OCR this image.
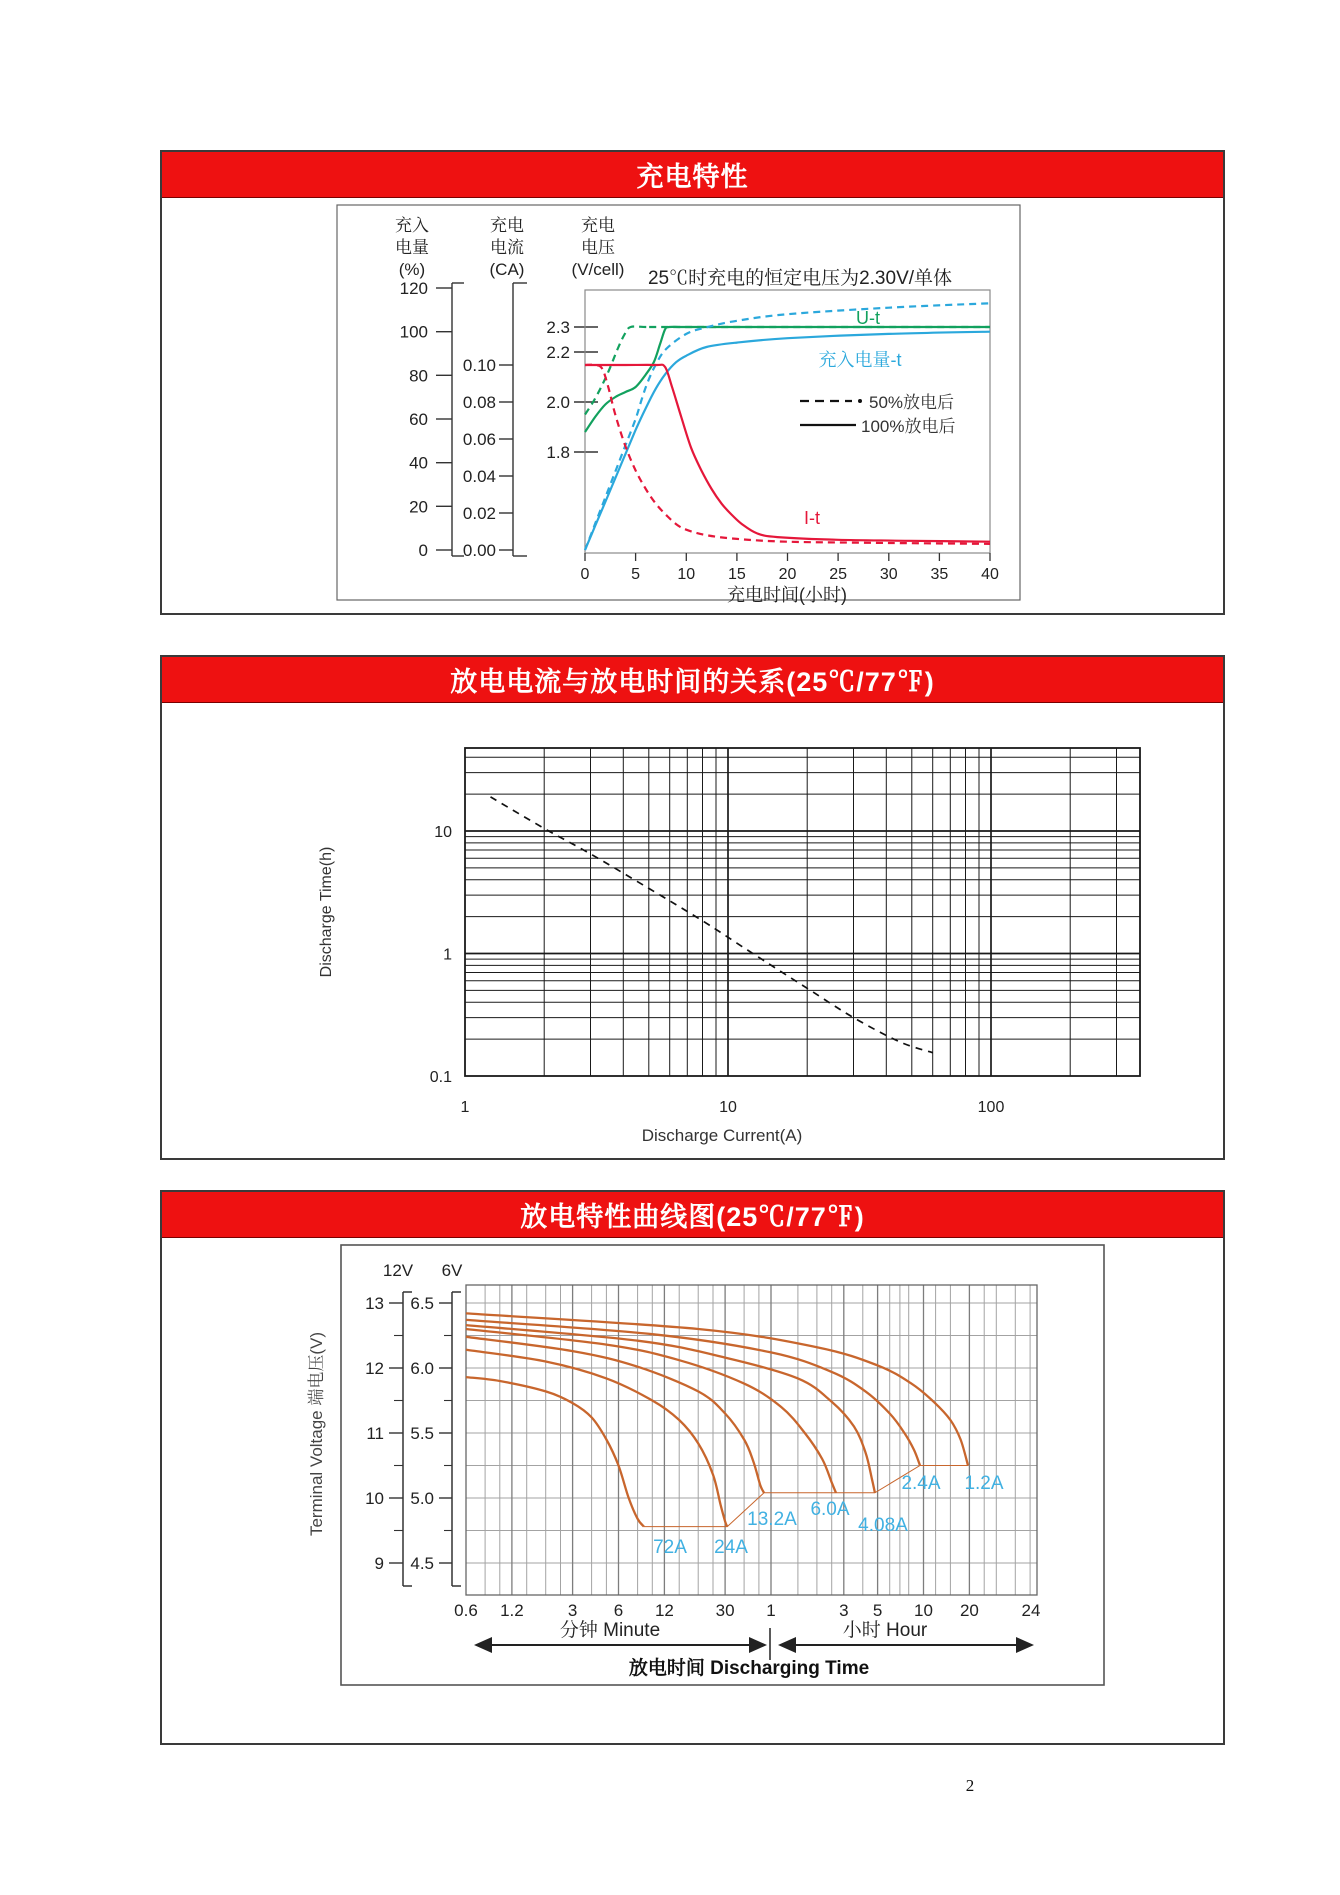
充电特性
放电电流与放电时间的关系(25℃/77℉)
放电特性曲线图(25℃/77℉)
120
100
80
60
40
20
0
0.10
0.08
0.06
0.04
0.02
0.00
2.3
2.2
2.0
1.8
充入
电量
(%)
充电
电流
(CA)
充电
电压
(V/cell) 25℃时充电的恒定电压为2.30V/单体
0	5 10 15 20 25 30 35 40
充电时间(小时)
U-t
充入电量-t
I-t
50%放电后
100%放电后
10
1
0.1
1	10	100
Discharge Time(h)
Discharge Current(A)
13 6.5
12 6.0
11 5.5
10 5.0
9 4.5
12V 6V
Terminal Voltage 端电压(V)
72A 24A
13.2A 6.0A
4.08A
2.4A 1.2A
0.6 1.2	3 6 12 30 1	3 5 10 20	24
分钟 Minute	小时 Hour
放电时间 Discharging Time
2
